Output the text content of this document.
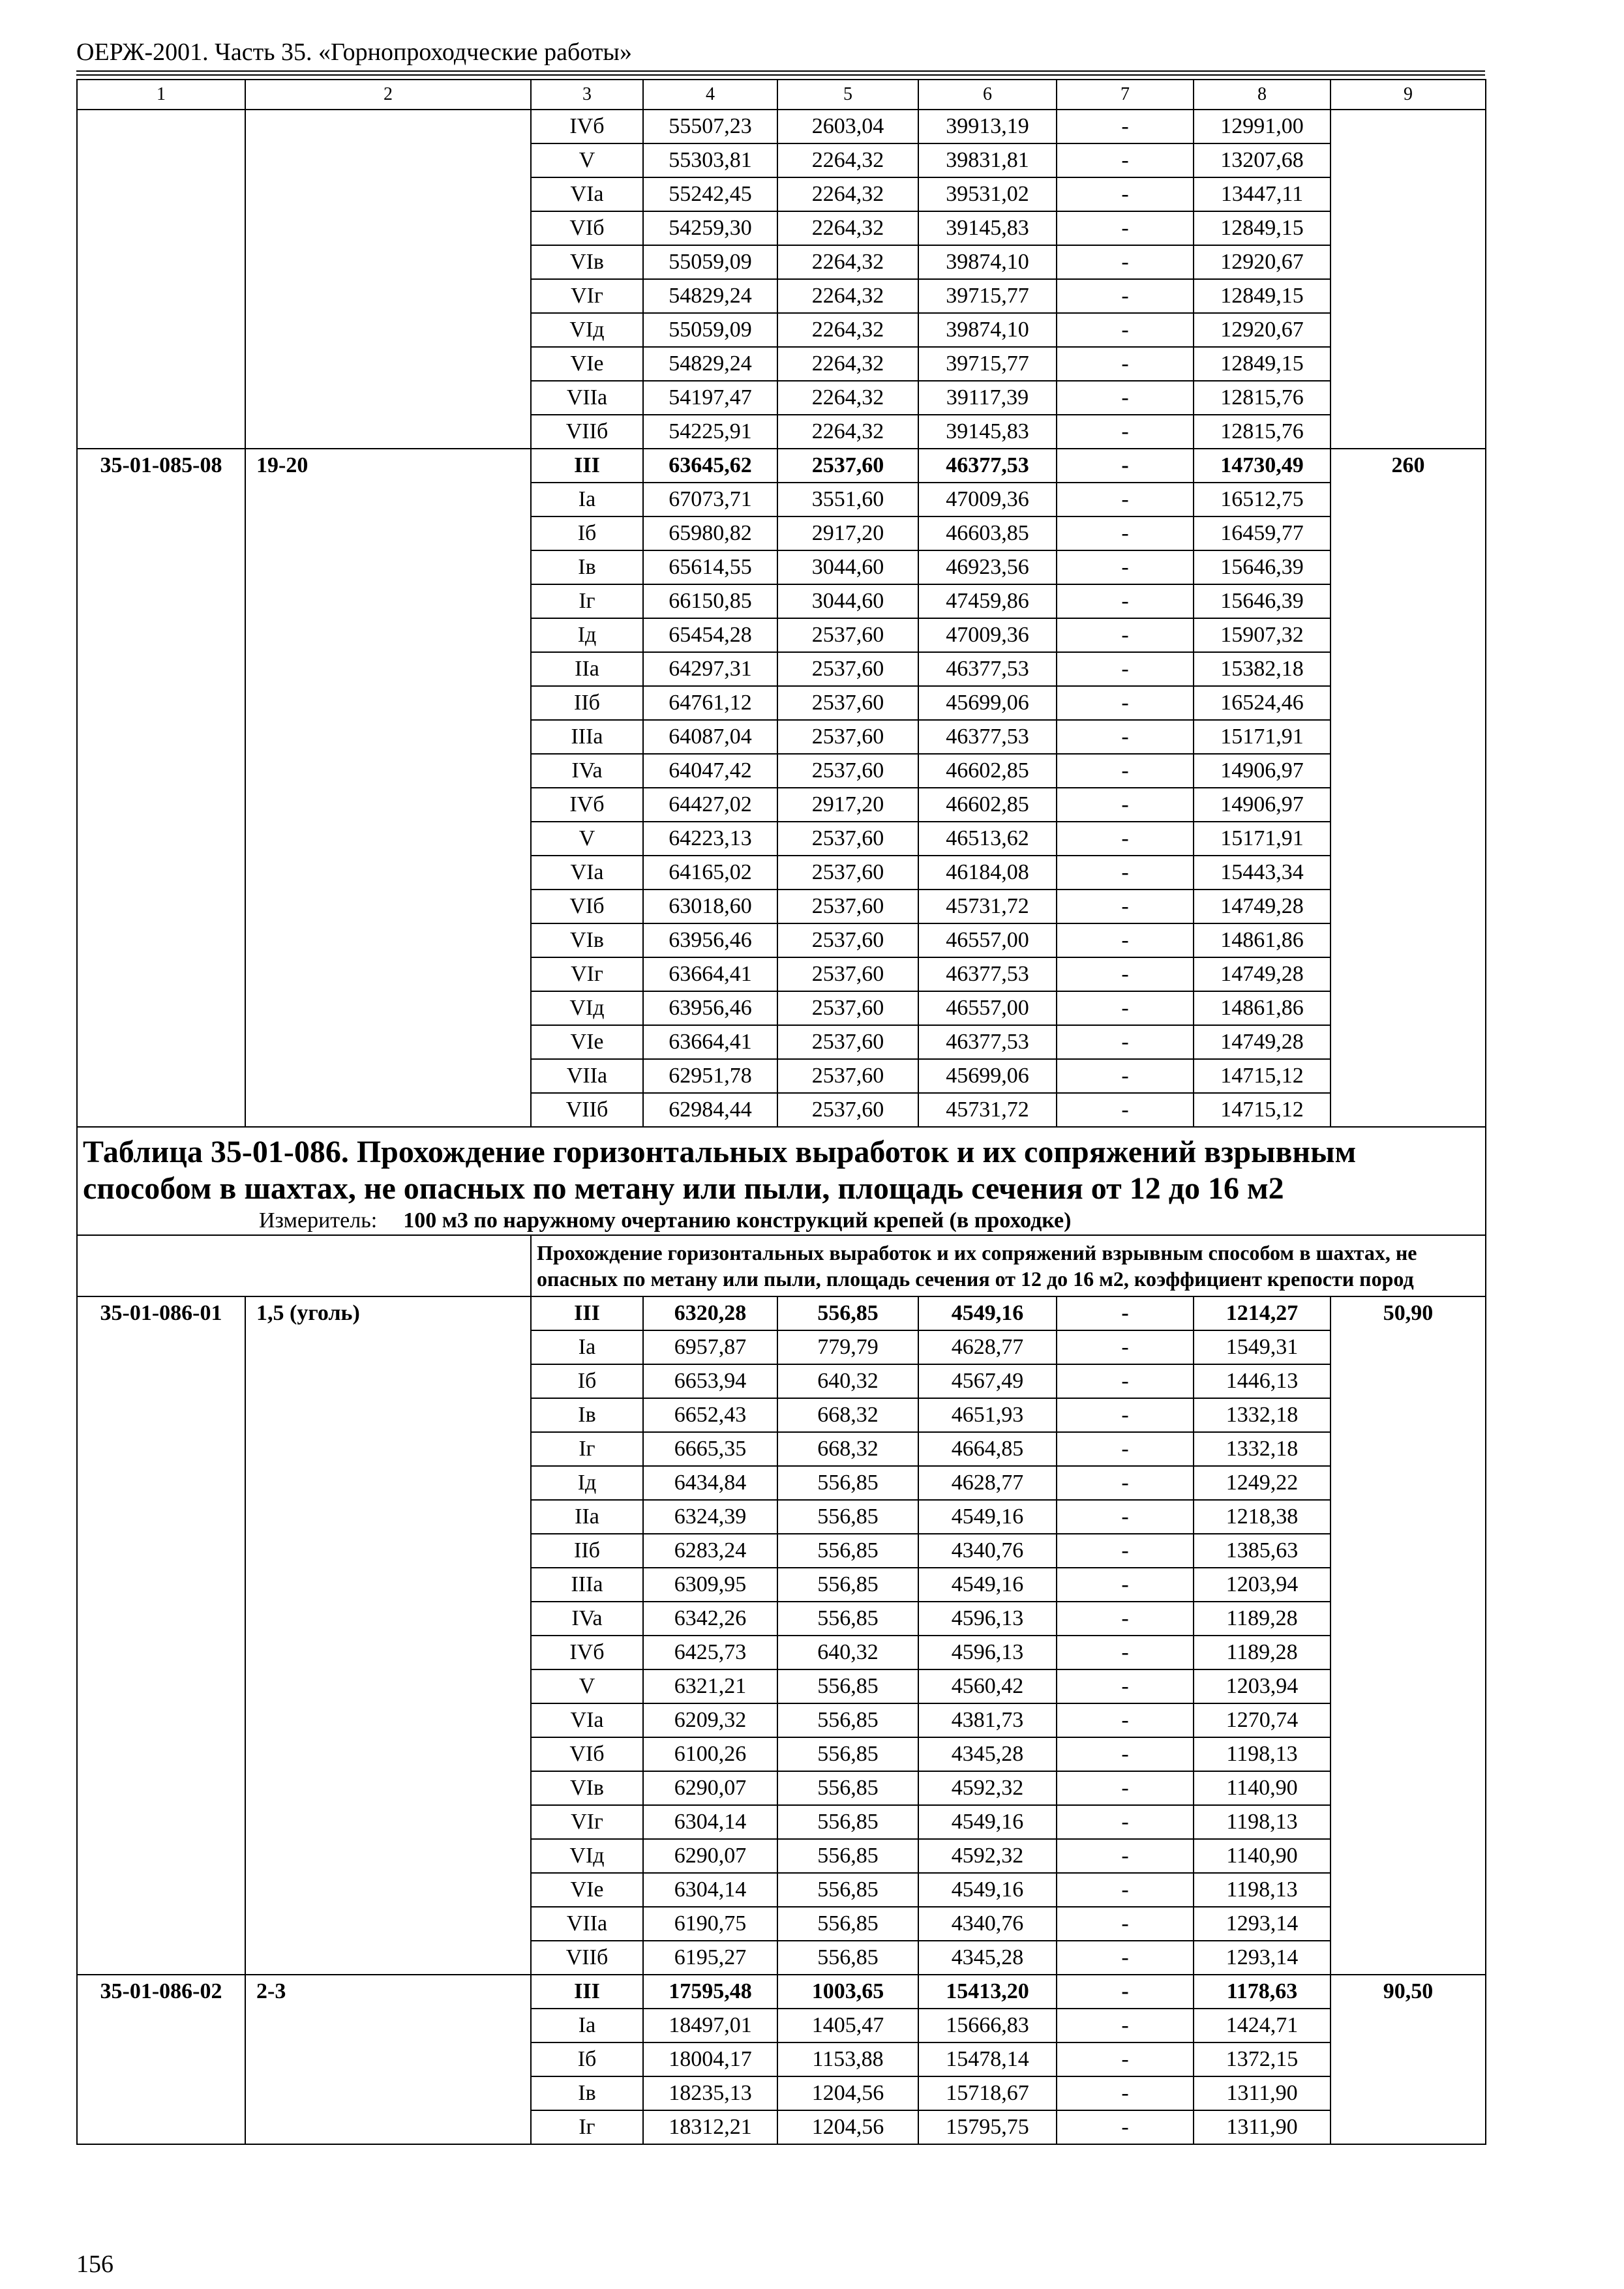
ОЕРЖ-2001. Часть 35. «Горнопроходческие работы»
1	2	3	4	5	6	7	8	9
		IVб	55507,23	2603,04	39913,19	-	12991,00	
		V	55303,81	2264,32	39831,81	-	13207,68	
		VIa	55242,45	2264,32	39531,02	-	13447,11	
		VIб	54259,30	2264,32	39145,83	-	12849,15	
		VIв	55059,09	2264,32	39874,10	-	12920,67	
		VIг	54829,24	2264,32	39715,77	-	12849,15	
		VIд	55059,09	2264,32	39874,10	-	12920,67	
		VIe	54829,24	2264,32	39715,77	-	12849,15	
		VIIa	54197,47	2264,32	39117,39	-	12815,76	
		VIIб	54225,91	2264,32	39145,83	-	12815,76	
35-01-085-08	19-20	III	63645,62	2537,60	46377,53	-	14730,49	260
		Ia	67073,71	3551,60	47009,36	-	16512,75	
		Iб	65980,82	2917,20	46603,85	-	16459,77	
		Iв	65614,55	3044,60	46923,56	-	15646,39	
		Iг	66150,85	3044,60	47459,86	-	15646,39	
		Iд	65454,28	2537,60	47009,36	-	15907,32	
		IIa	64297,31	2537,60	46377,53	-	15382,18	
		IIб	64761,12	2537,60	45699,06	-	16524,46	
		IIIa	64087,04	2537,60	46377,53	-	15171,91	
		IVa	64047,42	2537,60	46602,85	-	14906,97	
		IVб	64427,02	2917,20	46602,85	-	14906,97	
		V	64223,13	2537,60	46513,62	-	15171,91	
		VIa	64165,02	2537,60	46184,08	-	15443,34	
		VIб	63018,60	2537,60	45731,72	-	14749,28	
		VIв	63956,46	2537,60	46557,00	-	14861,86	
		VIг	63664,41	2537,60	46377,53	-	14749,28	
		VIд	63956,46	2537,60	46557,00	-	14861,86	
		VIe	63664,41	2537,60	46377,53	-	14749,28	
		VIIa	62951,78	2537,60	45699,06	-	14715,12	
		VIIб	62984,44	2537,60	45731,72	-	14715,12	

Таблица 35-01-086. Прохождение горизонтальных выработок и их сопряжений взрывным способом в шахтах, не опасных по метану или пыли, площадь сечения от 12 до 16 м2
Измеритель: 100 м3 по наружному очертанию конструкций крепей (в проходке)								

		Прохождение горизонтальных выработок и их сопряжений взрывным способом в шахтах, не опасных по метану или пыли, площадь сечения от 12 до 16 м2, коэффициент крепости пород						
35-01-086-01	1,5 (уголь)	III	6320,28	556,85	4549,16	-	1214,27	50,90
		Ia	6957,87	779,79	4628,77	-	1549,31	
		Iб	6653,94	640,32	4567,49	-	1446,13	
		Iв	6652,43	668,32	4651,93	-	1332,18	
		Iг	6665,35	668,32	4664,85	-	1332,18	
		Iд	6434,84	556,85	4628,77	-	1249,22	
		IIa	6324,39	556,85	4549,16	-	1218,38	
		IIб	6283,24	556,85	4340,76	-	1385,63	
		IIIa	6309,95	556,85	4549,16	-	1203,94	
		IVa	6342,26	556,85	4596,13	-	1189,28	
		IVб	6425,73	640,32	4596,13	-	1189,28	
		V	6321,21	556,85	4560,42	-	1203,94	
		VIa	6209,32	556,85	4381,73	-	1270,74	
		VIб	6100,26	556,85	4345,28	-	1198,13	
		VIв	6290,07	556,85	4592,32	-	1140,90	
		VIг	6304,14	556,85	4549,16	-	1198,13	
		VIд	6290,07	556,85	4592,32	-	1140,90	
		VIe	6304,14	556,85	4549,16	-	1198,13	
		VIIa	6190,75	556,85	4340,76	-	1293,14	
		VIIб	6195,27	556,85	4345,28	-	1293,14	
35-01-086-02	2-3	III	17595,48	1003,65	15413,20	-	1178,63	90,50
		Ia	18497,01	1405,47	15666,83	-	1424,71	
		Iб	18004,17	1153,88	15478,14	-	1372,15	
		Iв	18235,13	1204,56	15718,67	-	1311,90	
		Iг	18312,21	1204,56	15795,75	-	1311,90	
156
